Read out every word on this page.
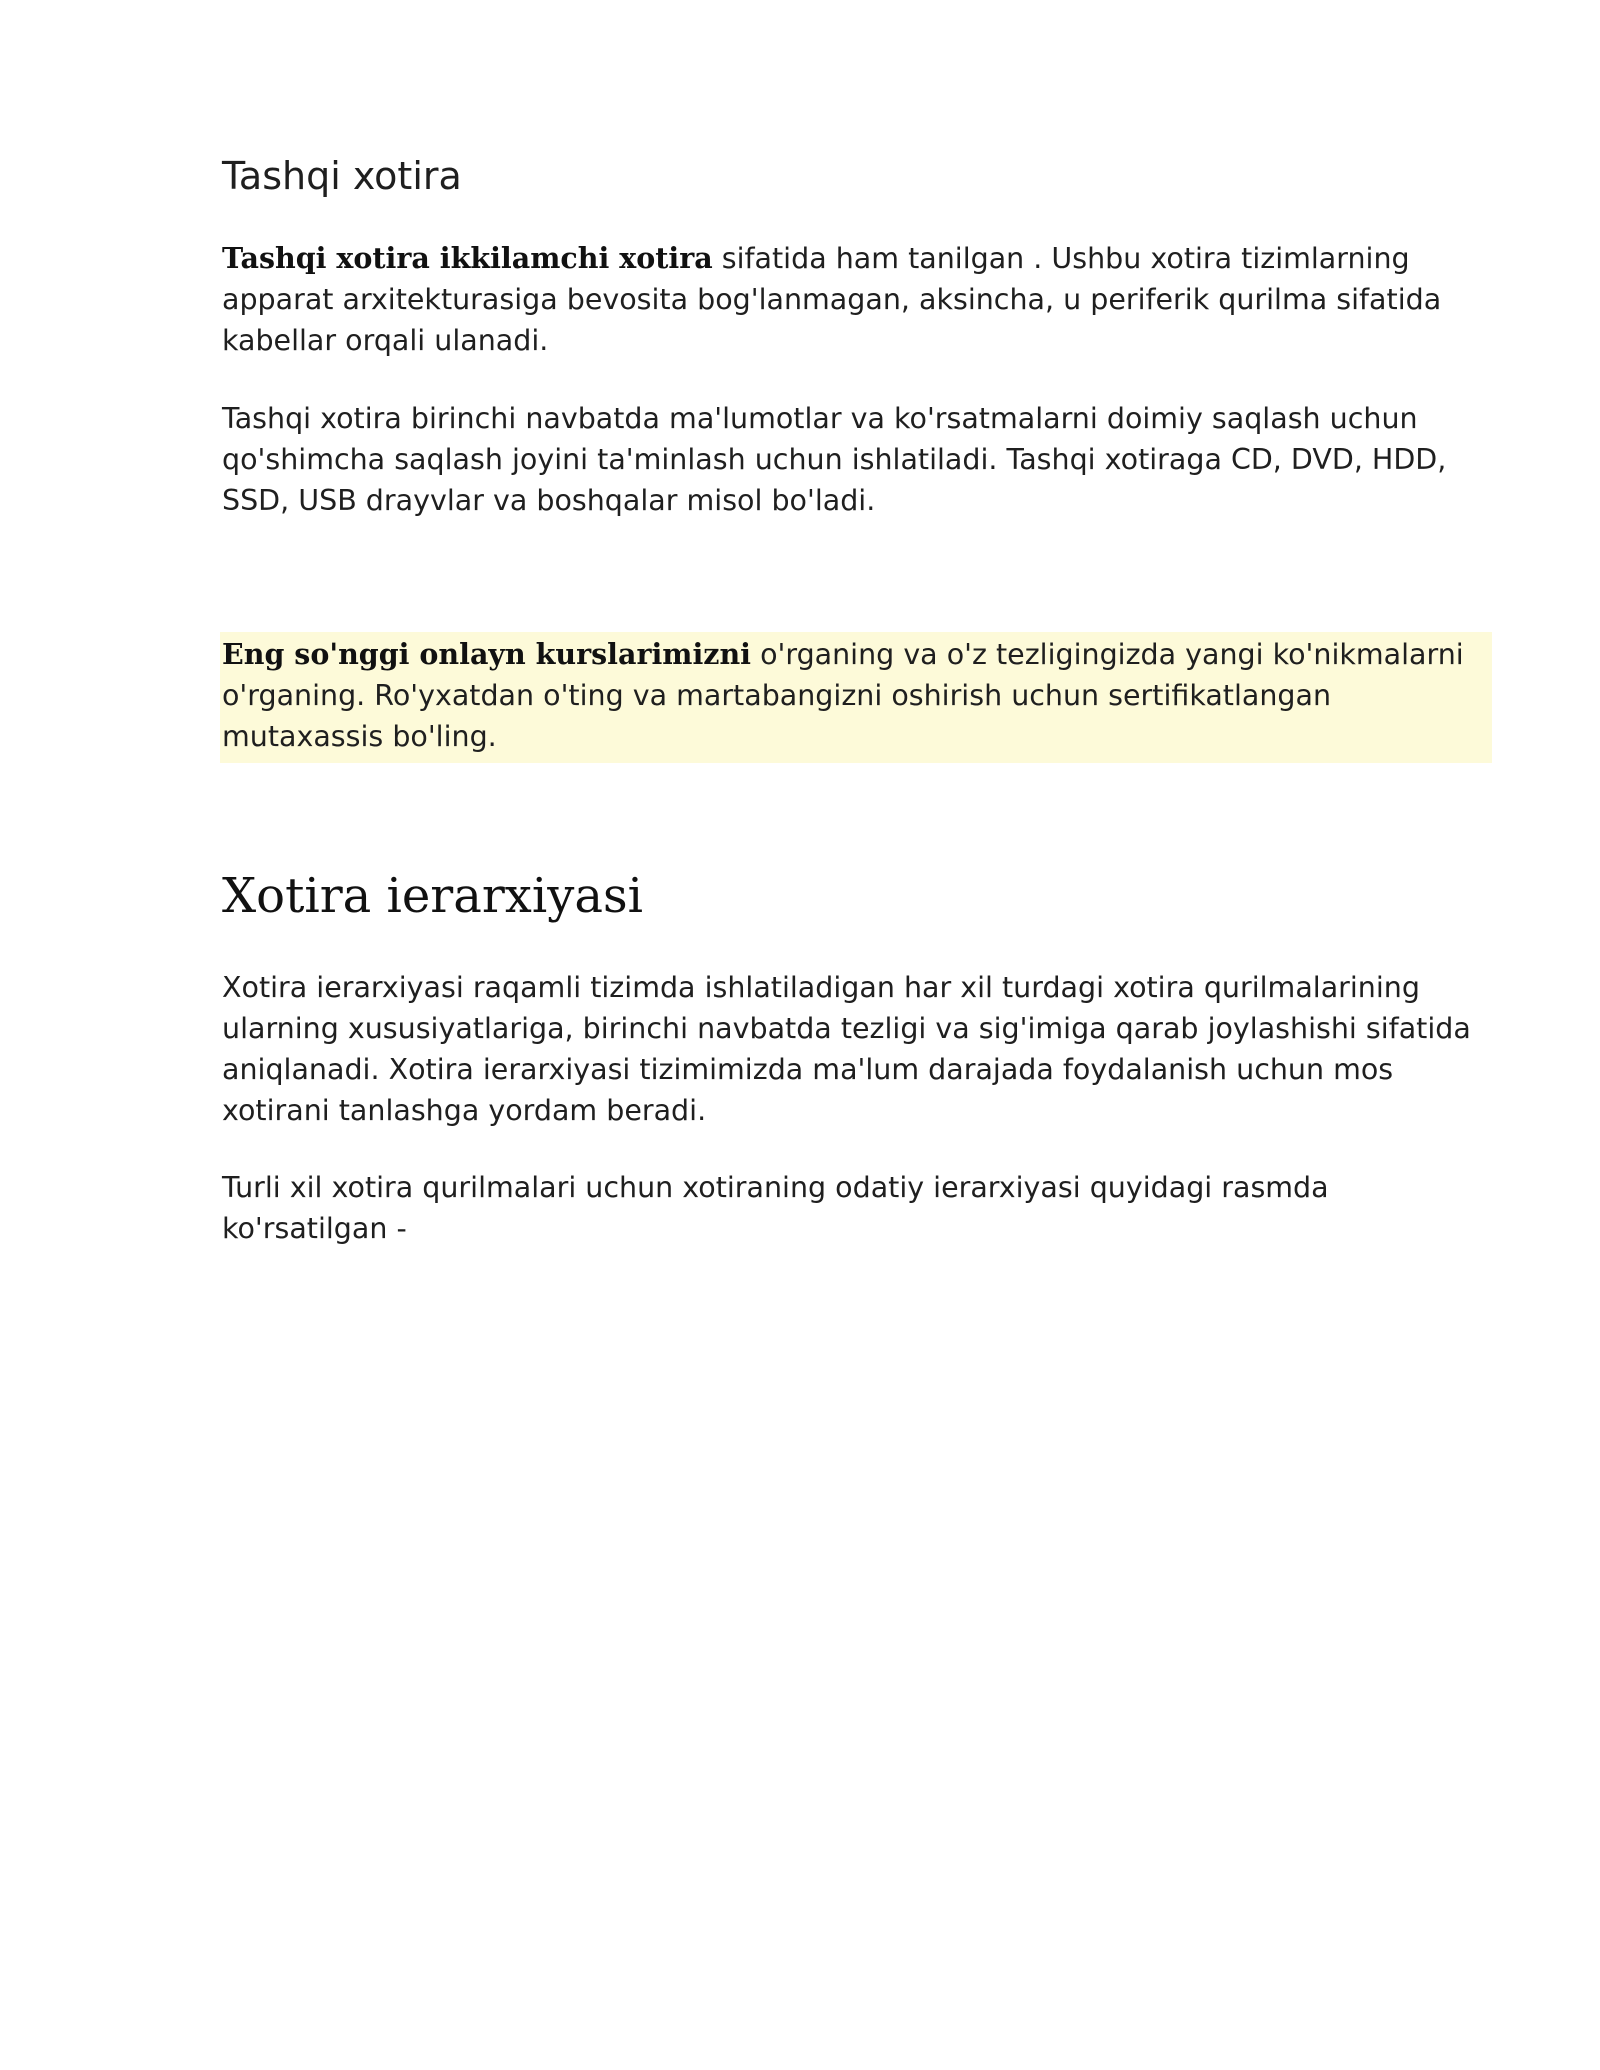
Tashqi xotira

Tashqi xotira ikkilamchi xotira sifatida ham tanilgan . Ushbu xotira tizimlarning apparat arxitekturasiga bevosita bog'lanmagan, aksincha, u periferik qurilma sifatida kabellar orqali ulanadi.

Tashqi xotira birinchi navbatda ma'lumotlar va ko'rsatmalarni doimiy saqlash uchun qo'shimcha saqlash joyini ta'minlash uchun ishlatiladi. Tashqi xotiraga CD, DVD, HDD, SSD, USB drayvlar va boshqalar misol bo'ladi.

Eng so'nggi onlayn kurslarimizni o'rganing va o'z tezligingizda yangi ko'nikmalarni o'rganing. Ro'yxatdan o'ting va martabangizni oshirish uchun sertifikatlangan mutaxassis bo'ling.

Xotira ierarxiyasi

Xotira ierarxiyasi raqamli tizimda ishlatiladigan har xil turdagi xotira qurilmalarining ularning xususiyatlariga, birinchi navbatda tezligi va sig'imiga qarab joylashishi sifatida aniqlanadi. Xotira ierarxiyasi tizimimizda ma'lum darajada foydalanish uchun mos xotirani tanlashga yordam beradi.

Turli xil xotira qurilmalari uchun xotiraning odatiy ierarxiyasi quyidagi rasmda ko'rsatilgan -
